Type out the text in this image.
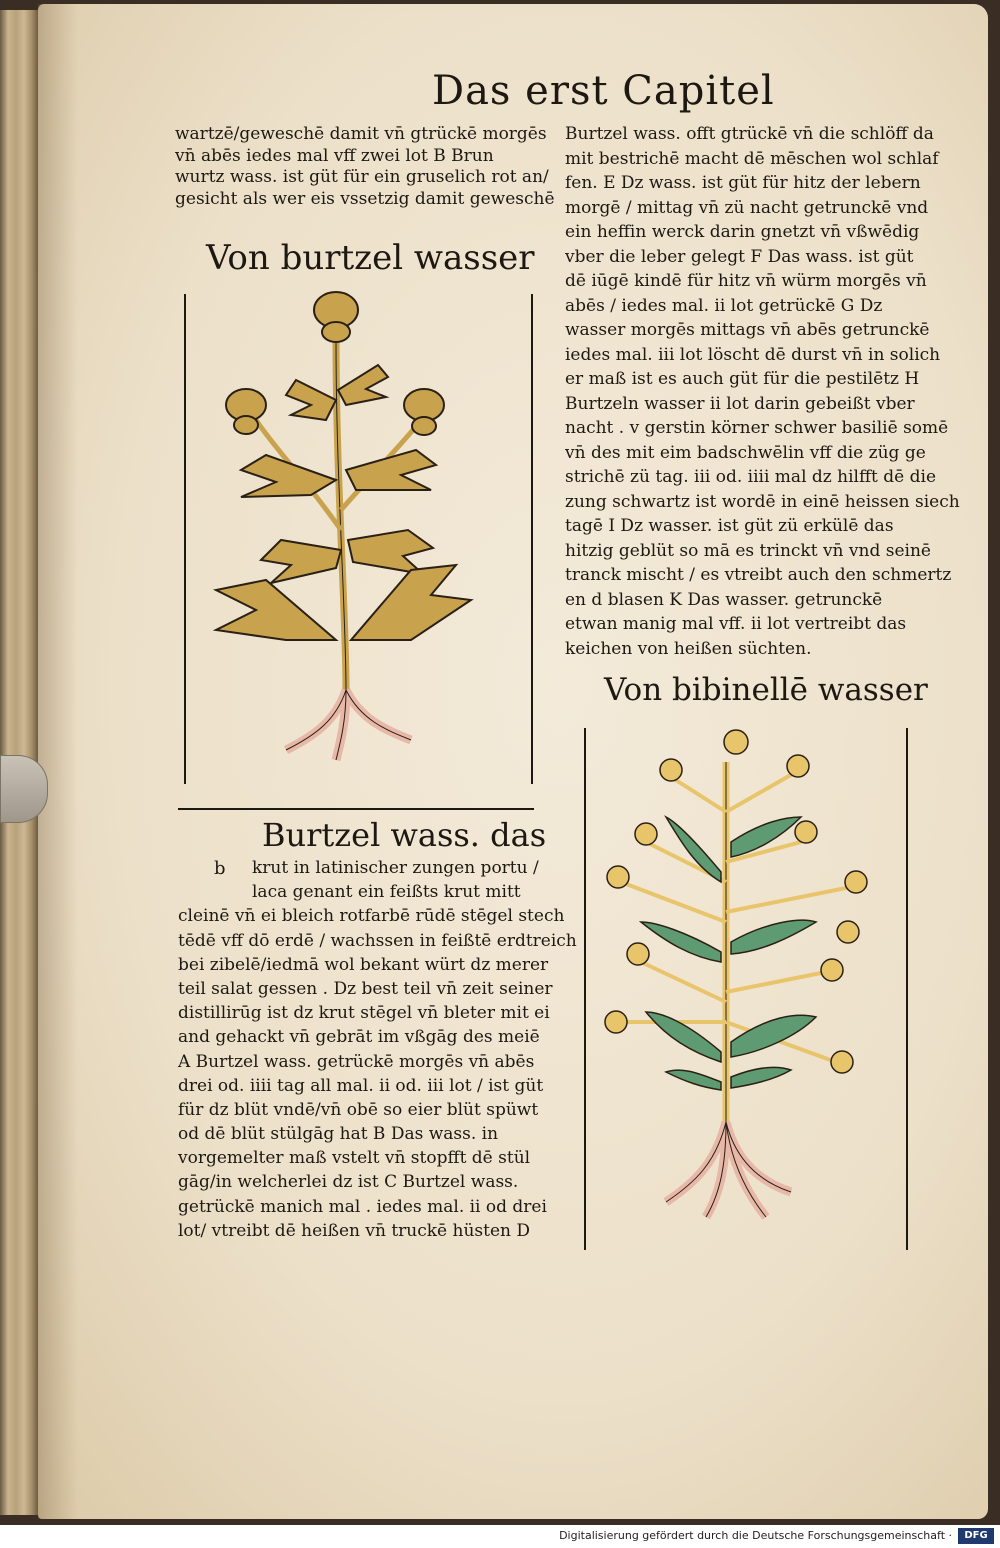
Das erst Capitel
wartzē/geweschē damit vn̄ gtrückē morgēs
vn̄ abēs iedes mal vff zwei lot B Brun
wurtz wass. ist güt für ein gruselich rot an/
gesicht als wer eis vssetzig damit geweschē
Von burtzel wasser
Burtzel wass. das
b	krut in latinischer zungen portu /
laca genant ein feißts krut mitt
cleinē vn̄ ei bleich rotfarbē rūdē stēgel stech
tēdē vff dō erdē / wachssen in feißtē erdtreich
bei zibelē/iedmā wol bekant würt dz merer
teil salat gessen . Dz best teil vn̄ zeit seiner
distillirūg ist dz krut stēgel vn̄ bleter mit ei
and gehackt vn̄ gebrāt im vßgāg des meiē
A Burtzel wass. getrückē morgēs vn̄ abēs
drei od. iiii tag all mal. ii od. iii lot / ist güt
für dz blüt vndē/vn̄ obē so eier blüt spüwt
od dē blüt stülgāg hat B Das wass. in
vorgemelter maß vstelt vn̄ stopfft dē stül
gāg/in welcherlei dz ist C Burtzel wass.
getrückē manich mal . iedes mal. ii od drei
lot/ vtreibt dē heißen vn̄ truckē hüsten D
Burtzel wass. offt gtrückē vn̄ die schlöff da
mit bestrichē macht dē mēschen wol schlaf
fen. E Dz wass. ist güt für hitz der lebern
morgē / mittag vn̄ zü nacht getrunckē vnd
ein heffin werck darin gnetzt vn̄ vßwēdig
vber die leber gelegt F Das wass. ist güt
dē iūgē kindē für hitz vn̄ würm morgēs vn̄
abēs / iedes mal. ii lot getrückē G Dz
wasser morgēs mittags vn̄ abēs getrunckē
iedes mal. iii lot löscht dē durst vn̄ in solich
er maß ist es auch güt für die pestilētz H
Burtzeln wasser ii lot darin gebeißt vber
nacht . v gerstin körner schwer basiliē somē
vn̄ des mit eim badschwēlin vff die züg ge
strichē zü tag. iii od. iiii mal dz hilfft dē die
zung schwartz ist wordē in einē heissen siech
tagē I Dz wasser. ist güt zü erkülē das
hitzig geblüt so mā es trinckt vn̄ vnd seinē
tranck mischt / es vtreibt auch den schmertz
en d blasen K Das wasser. getrunckē
etwan manig mal vff. ii lot vertreibt das
keichen von heißen süchten.
Von bibinellē wasser
Digitalisierung gefördert durch die Deutsche Forschungsgemeinschaft ·	DFG
